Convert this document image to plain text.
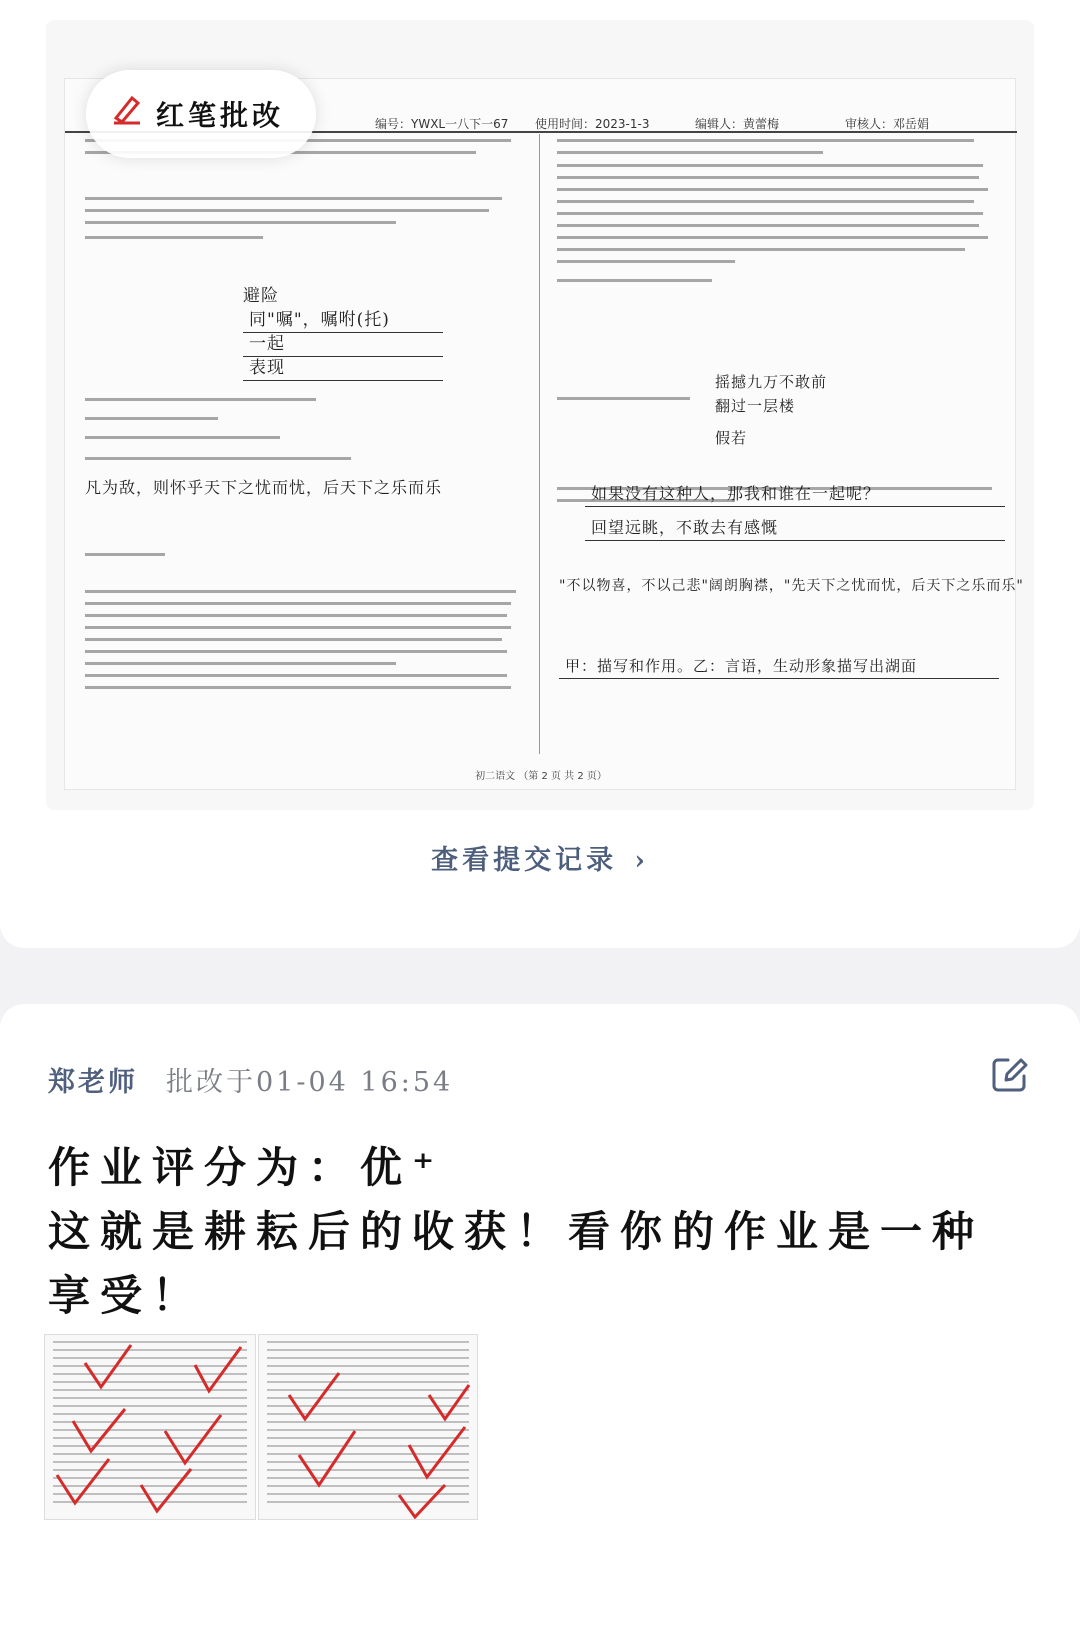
编号：YWXL一八下一67 使用时间：2023-1-3	编辑人：黄蕾梅	审核人：邓岳娟
避险
同"嘱"，嘱咐(托)
一起
表现
凡为敌，则怀乎天下之忧而忧，后天下之乐而乐
摇撼九万不敢前
翻过一层楼
假若
如果没有这种人，那我和谁在一起呢？
回望远眺，不敢去有感慨
"不以物喜，不以己悲"阔朗胸襟，"先天下之忧而忧，后天下之乐而乐"
甲：描写和作用。乙：言语，生动形象描写出湖面
初二语文 （第 2 页 共 2 页）
红笔批改
查看提交记录 ›
郑老师 批改于01-04 16:54
作业评分为：优⁺
这就是耕耘后的收获！看你的作业是一种享受！
